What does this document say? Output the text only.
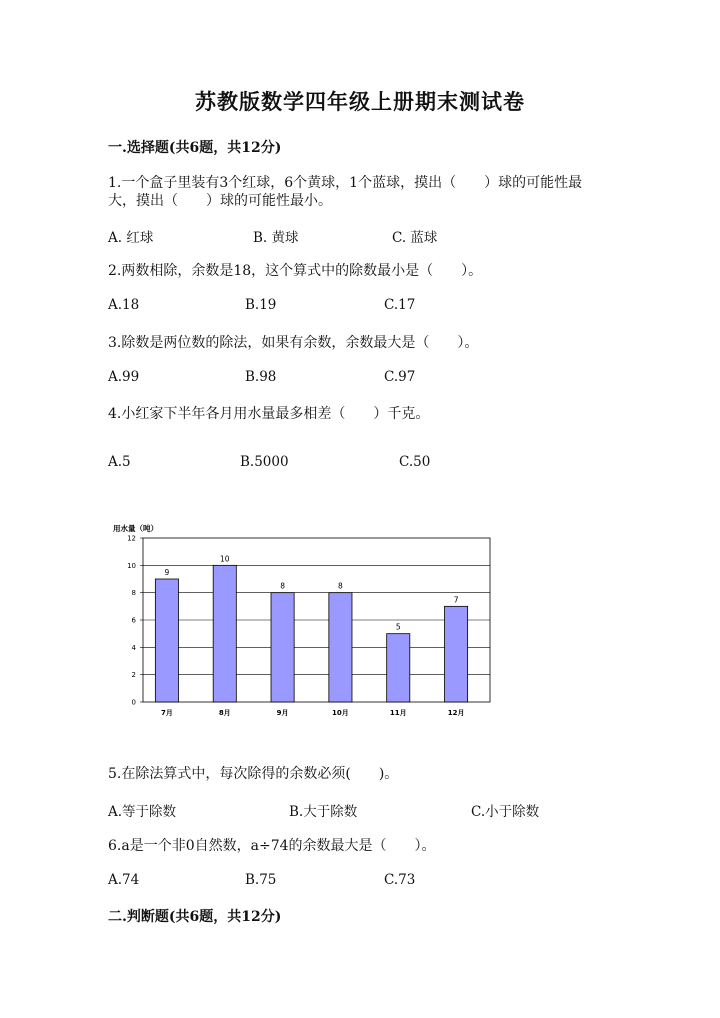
苏教版数学四年级上册期末测试卷
一.选择题(共6题，共12分)
1.一个盒子里装有3个红球，6个黄球，1个蓝球，摸出（　　）球的可能性最
大，摸出（　　）球的可能性最小。
A. 红球	B. 黄球	C. 蓝球
2.两数相除，余数是18，这个算式中的除数最小是（　　）。
A.18	B.19	C.17
3.除数是两位数的除法，如果有余数，余数最大是（　　）。
A.99	B.98	C.97
4.小红家下半年各月用水量最多相差（　　）千克。
A.5	B.5000	C.50
用水量（吨）
0
2
4
6
8
10
12
9
10
8	8
5
7
7月	8月	9月	10月	11月	12月
5.在除法算式中，每次除得的余数必须(　　)。
A.等于除数	B.大于除数	C.小于除数
6.a是一个非0自然数，a÷74的余数最大是（　　）。
A.74	B.75	C.73
二.判断题(共6题，共12分)
